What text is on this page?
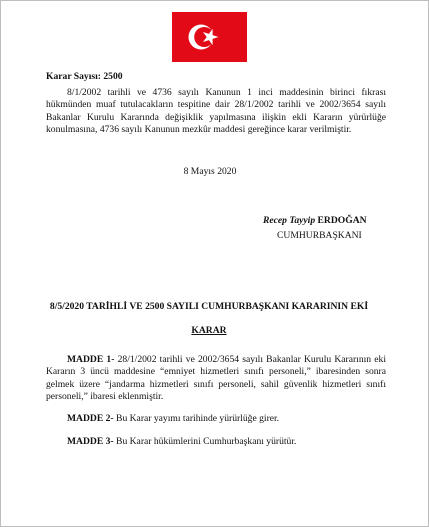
Karar Sayısı: 2500
8/1/2002 tarihli ve 4736 sayılı Kanunun 1 inci maddesinin birinci fıkrası hükmünden muaf tutulacakların tespitine dair 28/1/2002 tarihli ve 2002/3654 sayılı Bakanlar Kurulu Kararında değişiklik yapılmasına ilişkin ekli Kararın yürürlüğe konulmasına, 4736 sayılı Kanunun mezkûr maddesi gereğince karar verilmiştir.
8 Mayıs 2020
Recep Tayyip ERDOĞAN
CUMHURBAŞKANI
8/5/2020 TARİHLİ VE 2500 SAYILI CUMHURBAŞKANI KARARININ EKİ
KARAR
MADDE 1- 28/1/2002 tarihli ve 2002/3654 sayılı Bakanlar Kurulu Kararının eki Kararın 3 üncü maddesine “emniyet hizmetleri sınıfı personeli,” ibaresinden sonra gelmek üzere “jandarma hizmetleri sınıfı personeli, sahil güvenlik hizmetleri sınıfı personeli,” ibaresi eklenmiştir.
MADDE 2- Bu Karar yayımı tarihinde yürürlüğe girer.
MADDE 3- Bu Karar hükümlerini Cumhurbaşkanı yürütür.
